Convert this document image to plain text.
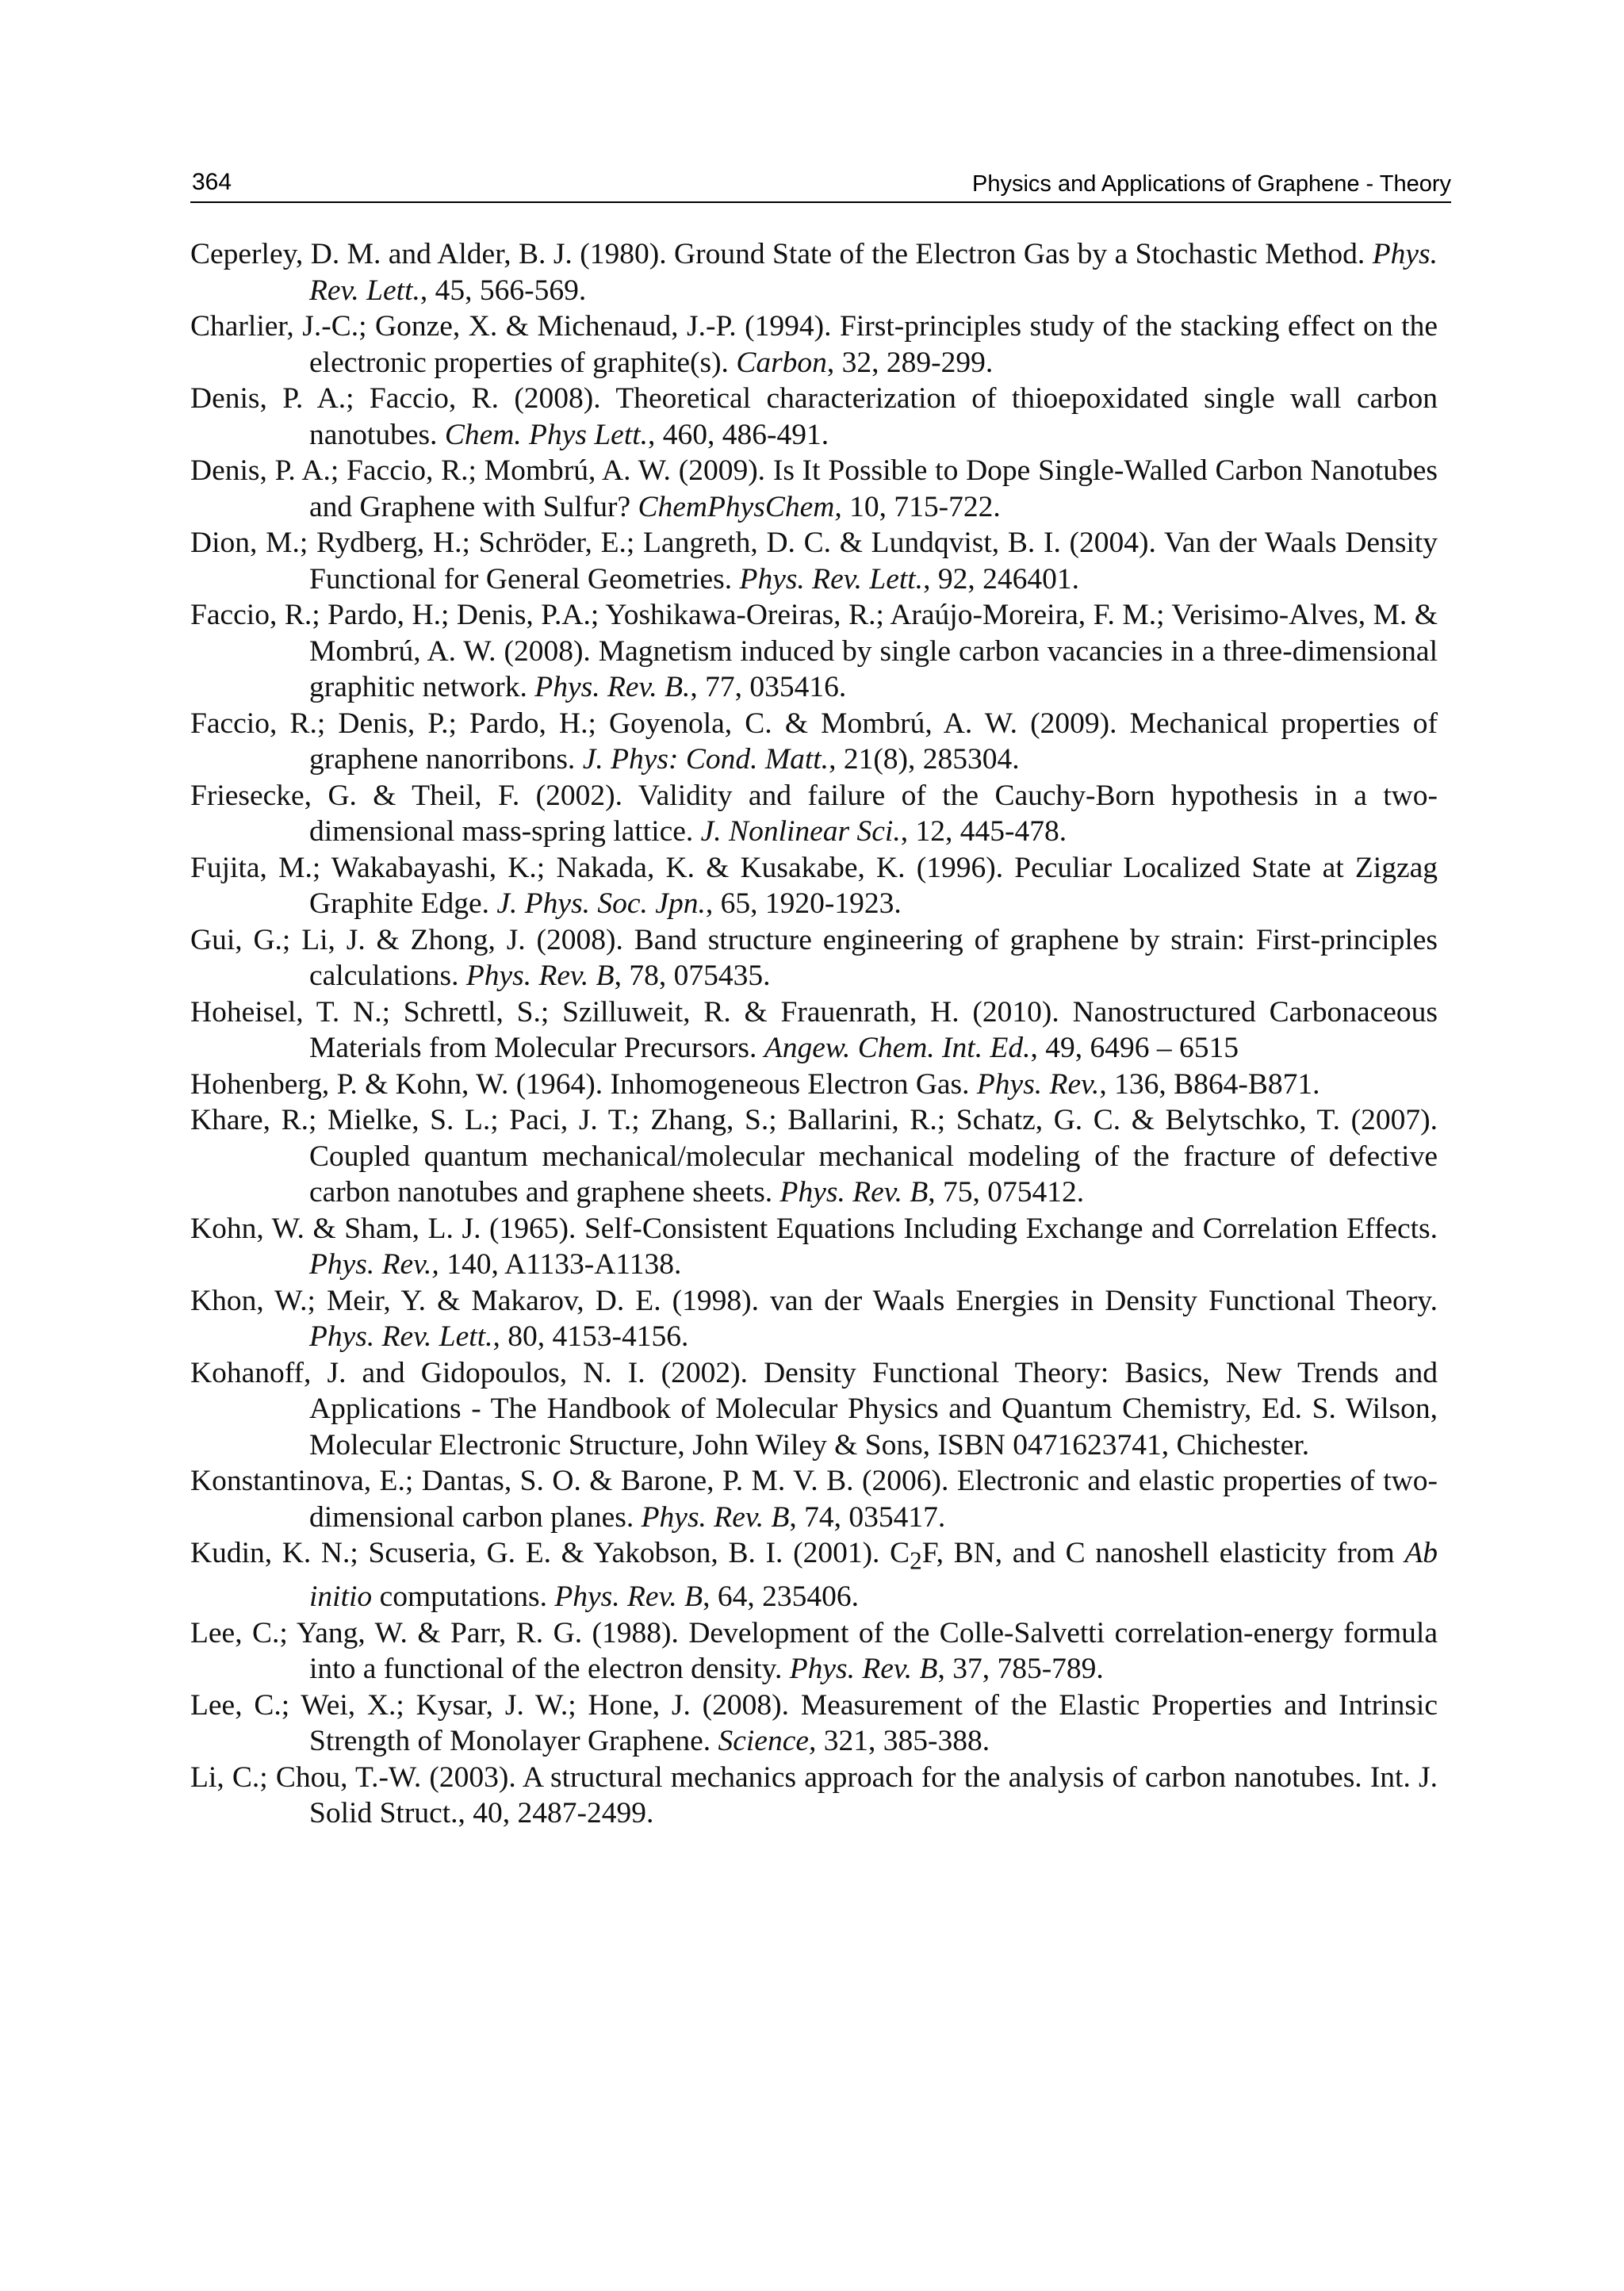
364	Physics and Applications of Graphene - Theory
Ceperley, D. M. and Alder, B. J. (1980). Ground State of the Electron Gas by a Stochastic Method. Phys. Rev. Lett., 45, 566-569.
Charlier, J.-C.; Gonze, X. & Michenaud, J.-P. (1994). First-principles study of the stacking effect on the electronic properties of graphite(s). Carbon, 32, 289-299.
Denis, P. A.; Faccio, R. (2008). Theoretical characterization of thioepoxidated single wall carbon nanotubes. Chem. Phys Lett., 460, 486-491.
Denis, P. A.; Faccio, R.; Mombrú, A. W. (2009). Is It Possible to Dope Single-Walled Carbon Nanotubes and Graphene with Sulfur? ChemPhysChem, 10, 715-722.
Dion, M.; Rydberg, H.; Schröder, E.; Langreth, D. C. & Lundqvist, B. I. (2004). Van der Waals Density Functional for General Geometries. Phys. Rev. Lett., 92, 246401.
Faccio, R.; Pardo, H.; Denis, P.A.; Yoshikawa-Oreiras, R.; Araújo-Moreira, F. M.; Verisimo-Alves, M. & Mombrú, A. W. (2008). Magnetism induced by single carbon vacancies in a three-dimensional graphitic network. Phys. Rev. B., 77, 035416.
Faccio, R.; Denis, P.; Pardo, H.; Goyenola, C. & Mombrú, A. W. (2009). Mechanical properties of graphene nanorribons. J. Phys: Cond. Matt., 21(8), 285304.
Friesecke, G. & Theil, F. (2002). Validity and failure of the Cauchy-Born hypothesis in a two-dimensional mass-spring lattice. J. Nonlinear Sci., 12, 445-478.
Fujita, M.; Wakabayashi, K.; Nakada, K. & Kusakabe, K. (1996). Peculiar Localized State at Zigzag Graphite Edge. J. Phys. Soc. Jpn., 65, 1920-1923.
Gui, G.; Li, J. & Zhong, J. (2008). Band structure engineering of graphene by strain: First-principles calculations. Phys. Rev. B, 78, 075435.
Hoheisel, T. N.; Schrettl, S.; Szilluweit, R. & Frauenrath, H. (2010). Nanostructured Carbonaceous Materials from Molecular Precursors. Angew. Chem. Int. Ed., 49, 6496 – 6515
Hohenberg, P. & Kohn, W. (1964). Inhomogeneous Electron Gas. Phys. Rev., 136, B864-B871.
Khare, R.; Mielke, S. L.; Paci, J. T.; Zhang, S.; Ballarini, R.; Schatz, G. C. & Belytschko, T. (2007). Coupled quantum mechanical/molecular mechanical modeling of the fracture of defective carbon nanotubes and graphene sheets. Phys. Rev. B, 75, 075412.
Kohn, W. & Sham, L. J. (1965). Self-Consistent Equations Including Exchange and Correlation Effects. Phys. Rev., 140, A1133-A1138.
Khon, W.; Meir, Y. & Makarov, D. E. (1998). van der Waals Energies in Density Functional Theory. Phys. Rev. Lett., 80, 4153-4156.
Kohanoff, J. and Gidopoulos, N. I. (2002). Density Functional Theory: Basics, New Trends and Applications - The Handbook of Molecular Physics and Quantum Chemistry, Ed. S. Wilson, Molecular Electronic Structure, John Wiley & Sons, ISBN 0471623741, Chichester.
Konstantinova, E.; Dantas, S. O. & Barone, P. M. V. B. (2006). Electronic and elastic properties of two-dimensional carbon planes. Phys. Rev. B, 74, 035417.
Kudin, K. N.; Scuseria, G. E. & Yakobson, B. I. (2001). $C_2F$, BN, and C nanoshell elasticity from Ab initio computations. Phys. Rev. B, 64, 235406.
Lee, C.; Yang, W. & Parr, R. G. (1988). Development of the Colle-Salvetti correlation-energy formula into a functional of the electron density. Phys. Rev. B, 37, 785-789.
Lee, C.; Wei, X.; Kysar, J. W.; Hone, J. (2008). Measurement of the Elastic Properties and Intrinsic Strength of Monolayer Graphene. Science, 321, 385-388.
Li, C.; Chou, T.-W. (2003). A structural mechanics approach for the analysis of carbon nanotubes. Int. J. Solid Struct., 40, 2487-2499.
